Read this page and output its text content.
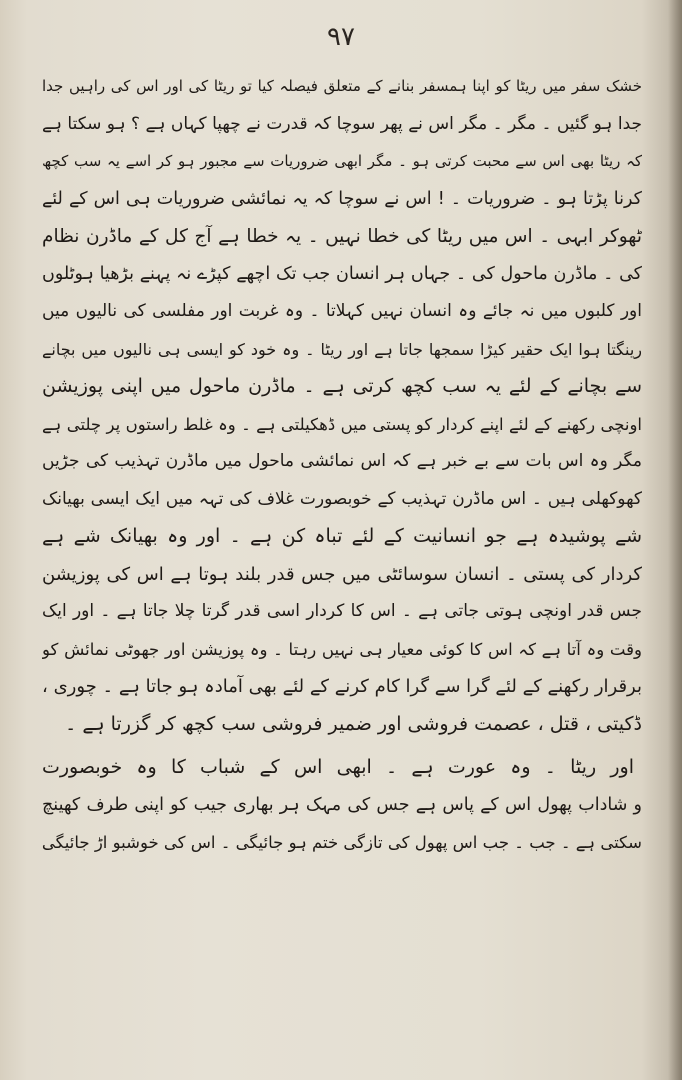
۹۷
خشک سفر میں ریٹا کو اپنا ہمسفر بنانے کے متعلق فیصلہ کیا تو ریٹا کی اور اس کی راہیں جدا
جدا ہو گئیں ۔ مگر ۔ مگر اس نے پھر سوچا کہ قدرت نے چھپا کہاں ہے ؟ ہو سکتا ہے
کہ ریٹا بھی اس سے محبت کرتی ہو ۔ مگر ابھی ضروریات سے مجبور ہو کر اسے یہ سب کچھ
کرنا پڑتا ہو ۔ ضروریات ۔ ! اس نے سوچا کہ یہ نمائشی ضروریات ہی اس کے لئے
ٹھوکر ابہی ۔ اس میں ریٹا کی خطا نہیں ۔ یہ خطا ہے آج کل کے ماڈرن نظام
کی ۔ ماڈرن ماحول کی ۔ جہاں ہر انسان جب تک اچھے کپڑے نہ پہنے بڑھیا ہوٹلوں
اور کلبوں میں نہ جائے وہ انسان نہیں کہلاتا ۔ وہ غربت اور مفلسی کی نالیوں میں
رینگتا ہوا ایک حقیر کیڑا سمجھا جاتا ہے اور ریٹا ۔ وہ خود کو ایسی ہی نالیوں میں بچانے
سے بچانے کے لئے یہ سب کچھ کرتی ہے ۔ ماڈرن ماحول میں اپنی پوزیشن
اونچی رکھنے کے لئے اپنے کردار کو پستی میں ڈھکیلتی ہے ۔ وہ غلط راستوں پر چلتی ہے
مگر وہ اس بات سے بے خبر ہے کہ اس نمائشی ماحول میں ماڈرن تہذیب کی جڑیں
کھوکھلی ہیں ۔ اس ماڈرن تہذیب کے خوبصورت غلاف کی تہہ میں ایک ایسی بھیانک
شے پوشیدہ ہے جو انسانیت کے لئے تباہ کن ہے ۔ اور وہ بھیانک شے ہے
کردار کی پستی ۔ انسان سوسائٹی میں جس قدر بلند ہوتا ہے اس کی پوزیشن
جس قدر اونچی ہوتی جاتی ہے ۔ اس کا کردار اسی قدر گرتا چلا جاتا ہے ۔ اور ایک
وقت وہ آتا ہے کہ اس کا کوئی معیار ہی نہیں رہتا ۔ وہ پوزیشن اور جھوٹی نمائش کو
برقرار رکھنے کے لئے گرا سے گرا کام کرنے کے لئے بھی آمادہ ہو جاتا ہے ۔ چوری ،
ڈکیتی ، قتل ، عصمت فروشی اور ضمیر فروشی سب کچھ کر گزرتا ہے ۔
اور ریٹا ۔ وہ عورت ہے ۔ ابھی اس کے شباب کا وہ خوبصورت
و شاداب پھول اس کے پاس ہے جس کی مہک ہر بھاری جیب کو اپنی طرف کھینچ
سکتی ہے ۔ جب ۔ جب اس پھول کی تازگی ختم ہو جائیگی ۔ اس کی خوشبو اڑ جائیگی
